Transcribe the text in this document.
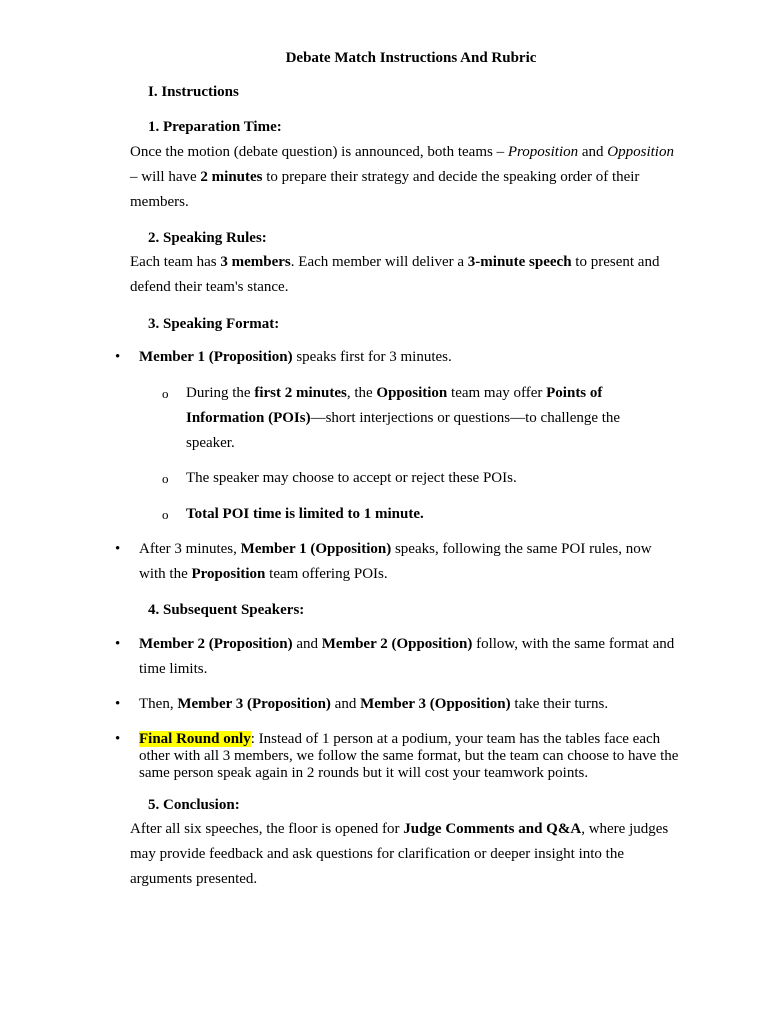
Debate Match Instructions And Rubric
I. Instructions
1. Preparation Time:
Once the motion (debate question) is announced, both teams – Proposition and Opposition – will have 2 minutes to prepare their strategy and decide the speaking order of their members.
2. Speaking Rules:
Each team has 3 members. Each member will deliver a 3-minute speech to present and defend their team's stance.
3. Speaking Format:
• Member 1 (Proposition) speaks first for 3 minutes.
o During the first 2 minutes, the Opposition team may offer Points of Information (POIs)—short interjections or questions—to challenge the speaker.
o The speaker may choose to accept or reject these POIs.
o Total POI time is limited to 1 minute.
• After 3 minutes, Member 1 (Opposition) speaks, following the same POI rules, now with the Proposition team offering POIs.
4. Subsequent Speakers:
• Member 2 (Proposition) and Member 2 (Opposition) follow, with the same format and time limits.
• Then, Member 3 (Proposition) and Member 3 (Opposition) take their turns.
• Final Round only: Instead of 1 person at a podium, your team has the tables face each other with all 3 members, we follow the same format, but the team can choose to have the same person speak again in 2 rounds but it will cost your teamwork points.
5. Conclusion:
After all six speeches, the floor is opened for Judge Comments and Q&A, where judges may provide feedback and ask questions for clarification or deeper insight into the arguments presented.
